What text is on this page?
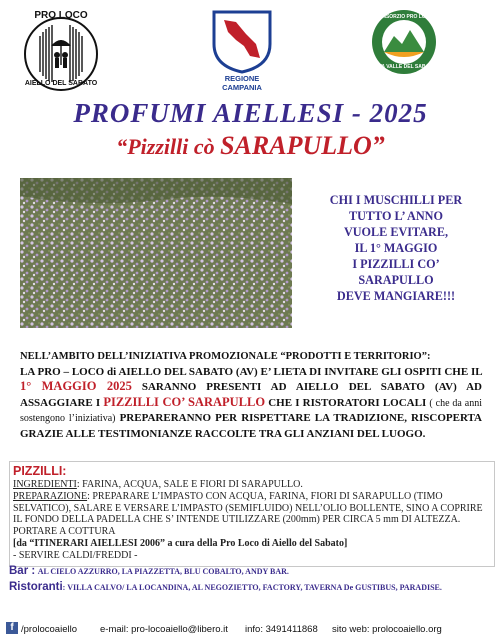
PRO LOCO
AIELLO DEL SABATO
REGIONE CAMPANIA
CONSORZIO PRO LOCO
ALTA VALLE DEL SABATO
PROFUMI AIELLESI - 2025
“Pizzilli cò SARAPULLO”
CHI I MUSCHILLI PER
TUTTO L’ ANNO
VUOLE EVITARE,
IL 1° MAGGIO
I PIZZILLI CO’
SARAPULLO
DEVE MANGIARE!!!
NELL’AMBITO DELL’INIZIATIVA PROMOZIONALE “PRODOTTI E TERRITORIO”:
LA PRO – LOCO di AIELLO DEL SABATO (AV) E’ LIETA DI INVITARE GLI OSPITI CHE IL 1° MAGGIO 2025 SARANNO PRESENTI AD AIELLO DEL SABATO (AV) AD ASSAGGIARE I PIZZILLI CO’ SARAPULLO CHE I RISTORATORI LOCALI ( che da anni sostengono l’iniziativa) PREPARERANNO PER RISPETTARE LA TRADIZIONE, RISCOPERTA GRAZIE ALLE TESTIMONIANZE RACCOLTE TRA GLI ANZIANI DEL LUOGO.
PIZZILLI:
INGREDIENTI: FARINA, ACQUA, SALE E FIORI DI SARAPULLO.
PREPARAZIONE: PREPARARE L’IMPASTO CON ACQUA, FARINA, FIORI DI SARAPULLO (TIMO SELVATICO), SALARE E VERSARE L’IMPASTO (SEMIFLUIDO) NELL’OLIO BOLLENTE, SINO A COPRIRE IL FONDO DELLA PADELLA CHE S’ INTENDE UTILIZZARE (200mm) PER CIRCA 5 mm DI ALTEZZA. PORTARE A COTTURA
[da “ITINERARI AIELLESI 2006” a cura della Pro Loco di Aiello del Sabato]
- SERVIRE CALDI/FREDDI -
Bar : AL CIELO AZZURRO, LA PIAZZETTA, BLU COBALTO, ANDY BAR.
Ristoranti: VILLA CALVO/ LA LOCANDINA, AL NEGOZIETTO, FACTORY, TAVERNA De GUSTIBUS, PARADISE.
f /prolocoaiello e-mail: pro-locoaiello@libero.it info: 3491411868 sito web: prolocoaiello.org
